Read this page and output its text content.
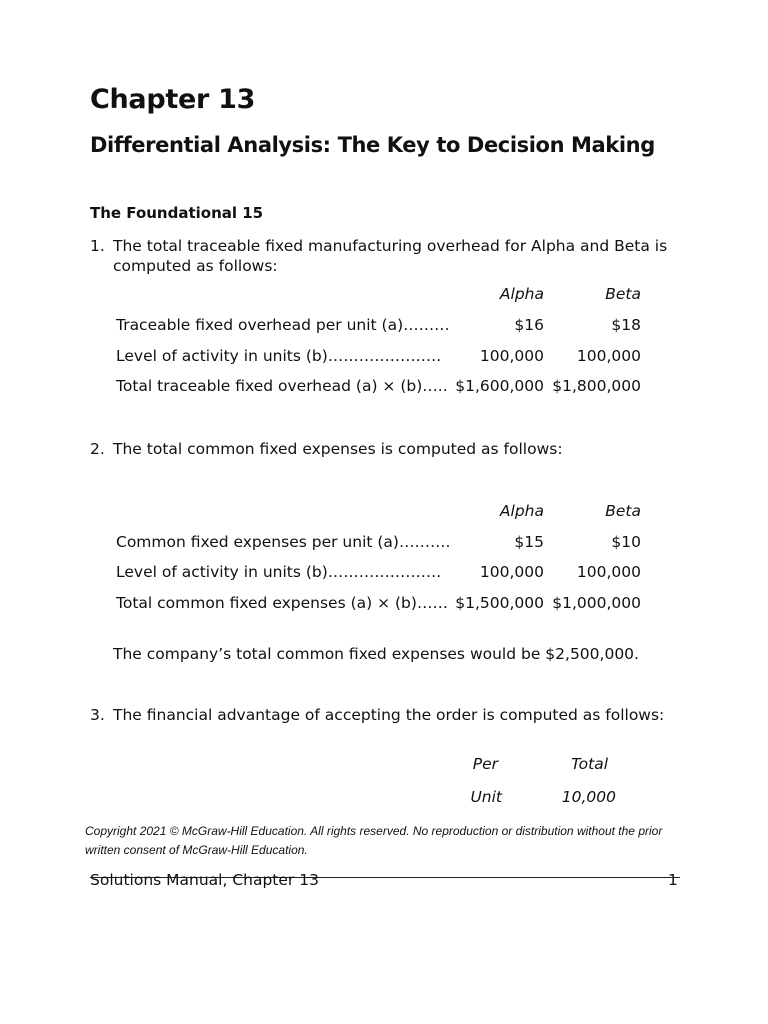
Chapter 13
Differential Analysis: The Key to Decision Making
The Foundational 15
1. The total traceable fixed manufacturing overhead for Alpha and Beta is
computed as follows:
Alpha	Beta
Traceable fixed overhead per unit (a)………	$16	$18
Level of activity in units (b)…………………. 100,000 100,000
Total traceable fixed overhead (a) × (b)….. $1,600,000 $1,800,000
2. The total common fixed expenses is computed as follows:
Alpha	Beta
Common fixed expenses per unit (a)……….	$15	$10
Level of activity in units (b)…………………. 100,000 100,000
Total common fixed expenses (a) × (b)…… $1,500,000 $1,000,000
The company’s total common fixed expenses would be $2,500,000.
3. The financial advantage of accepting the order is computed as follows:
Per	Total
Unit	10,000
Copyright 2021 © McGraw-Hill Education. All rights reserved. No reproduction or distribution without the prior
written consent of McGraw-Hill Education.
Solutions Manual, Chapter 13	1
